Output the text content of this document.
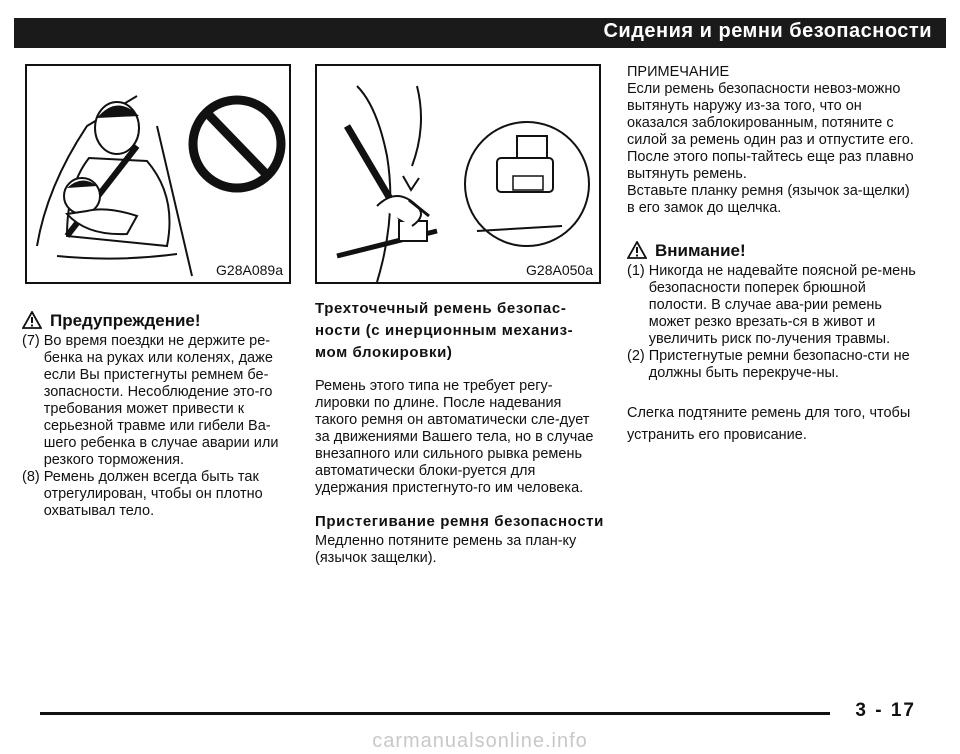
Сидения и ремни безопасности
G28A089a	G28A050a
Предупреждение!
(7) Во время поездки не держите ре-бенка на руках или коленях, даже если Вы пристегнуты ремнем бе-зопасности. Несоблюдение это-го требования может привести к серьезной травме или гибели Ва-шего ребенка в случае аварии или резкого торможения.
(8) Ремень должен всегда быть так отрегулирован, чтобы он плотно охватывал тело.

Трехточечный ремень безопас-ности (с инерционным механиз-мом блокировки)

Ремень этого типа не требует регу-лировки по длине. После надевания такого ремня он автоматически сле-дует за движениями Вашего тела, но в случае внезапного или сильного рывка ремень автоматически блоки-руется для удержания пристегнуто-го им человека.

Пристегивание ремня безопасности

Медленно потяните ремень за план-ку (язычок защелки).

ПРИМЕЧАНИЕ

Если ремень безопасности невоз-можно вытянуть наружу из-за того, что он оказался заблокированным, потяните с силой за ремень один раз и отпустите его. После этого попы-тайтесь еще раз плавно вытянуть ремень.

Вставьте планку ремня (язычок за-щелки) в его замок до щелчка.

Внимание!
(1) Никогда не надевайте поясной ре-мень безопасности поперек брюшной полости. В случае ава-рии ремень может резко врезать-ся в живот и увеличить риск по-лучения травмы.
(2) Пристегнутые ремни безопасно-сти не должны быть перекруче-ны.

Слегка подтяните ремень для того, чтобы устранить его провисание.

3 - 17
carmanualsonline.info
